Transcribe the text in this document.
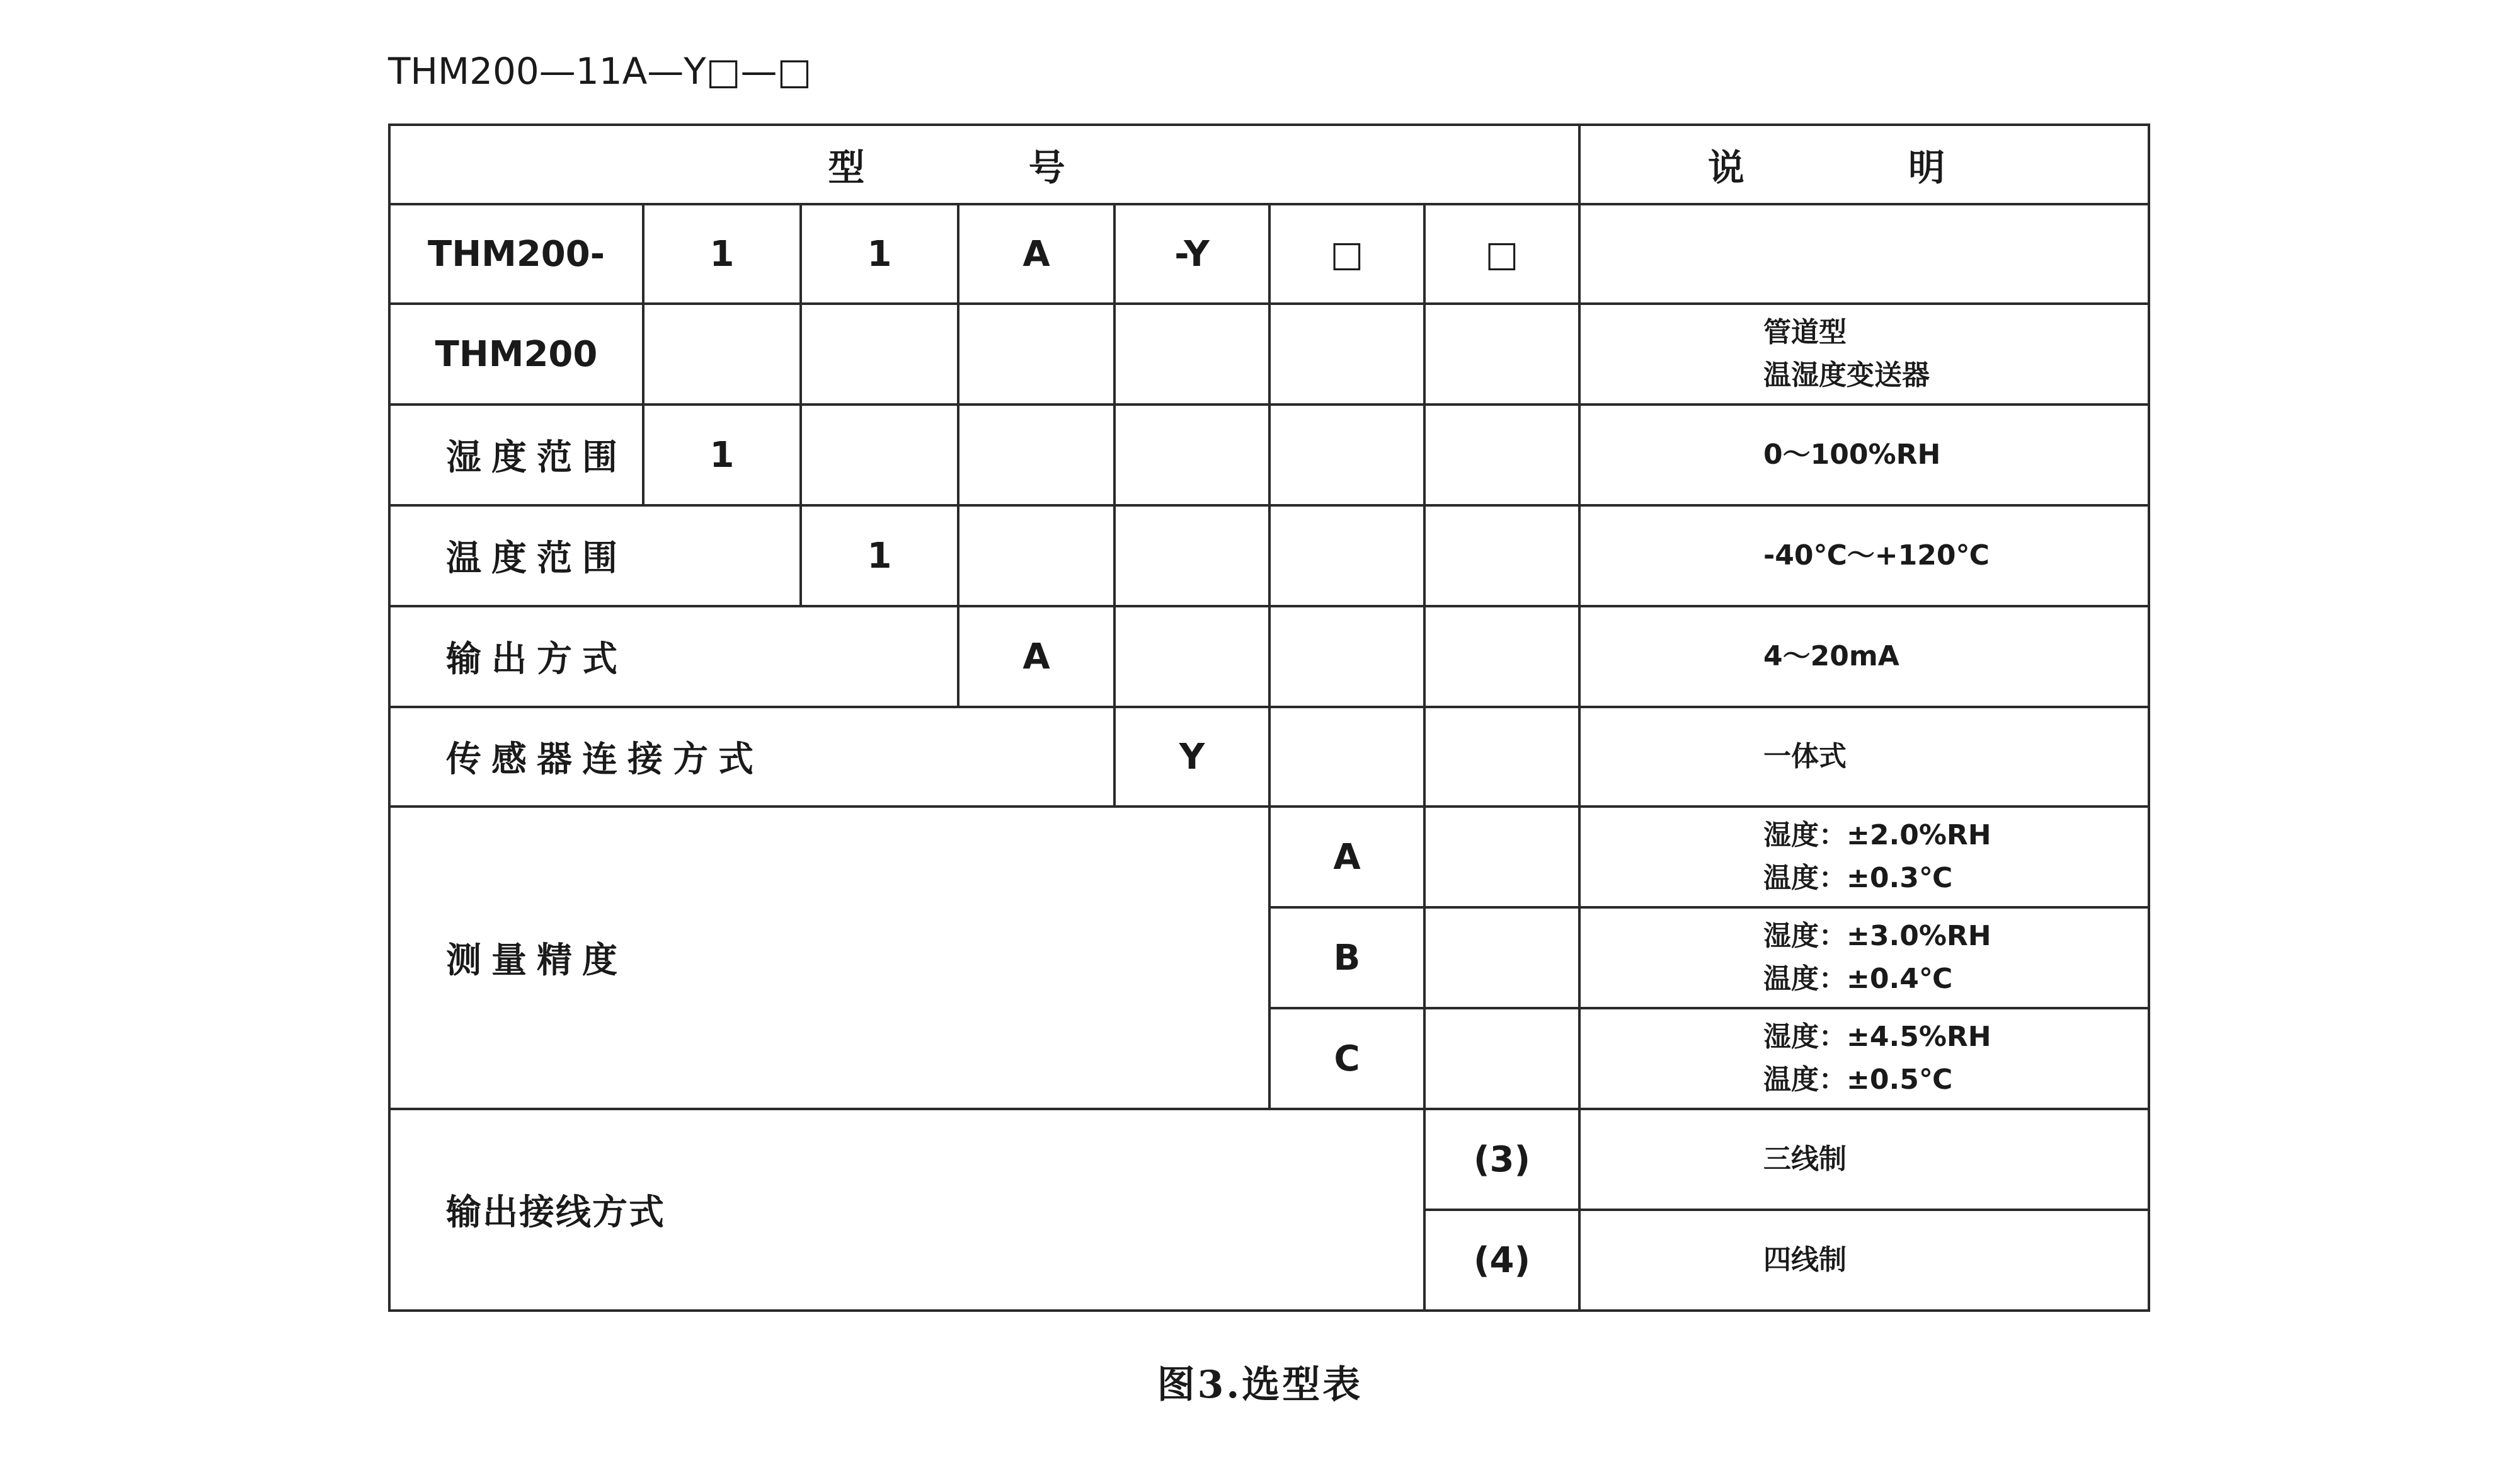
THM200—11A—Y□—□
型 号							说 明
THM200-	1	1	A	-Y	□	□	
THM200							管道型
温湿度变送器

湿度范围	1						0～100%RH
温度范围		1					-40℃～+120℃
输出方式			A				4～20mA
传感器连接方式				Y			一体式
测量精度					A		湿度：±2.0%RH
温度：±0.3℃

					B		湿度：±3.0%RH
温度：±0.4℃

					C		湿度：±4.5%RH
温度：±0.5℃

输出接线方式						(3)	三线制
						(4)	四线制
图3.选型表
